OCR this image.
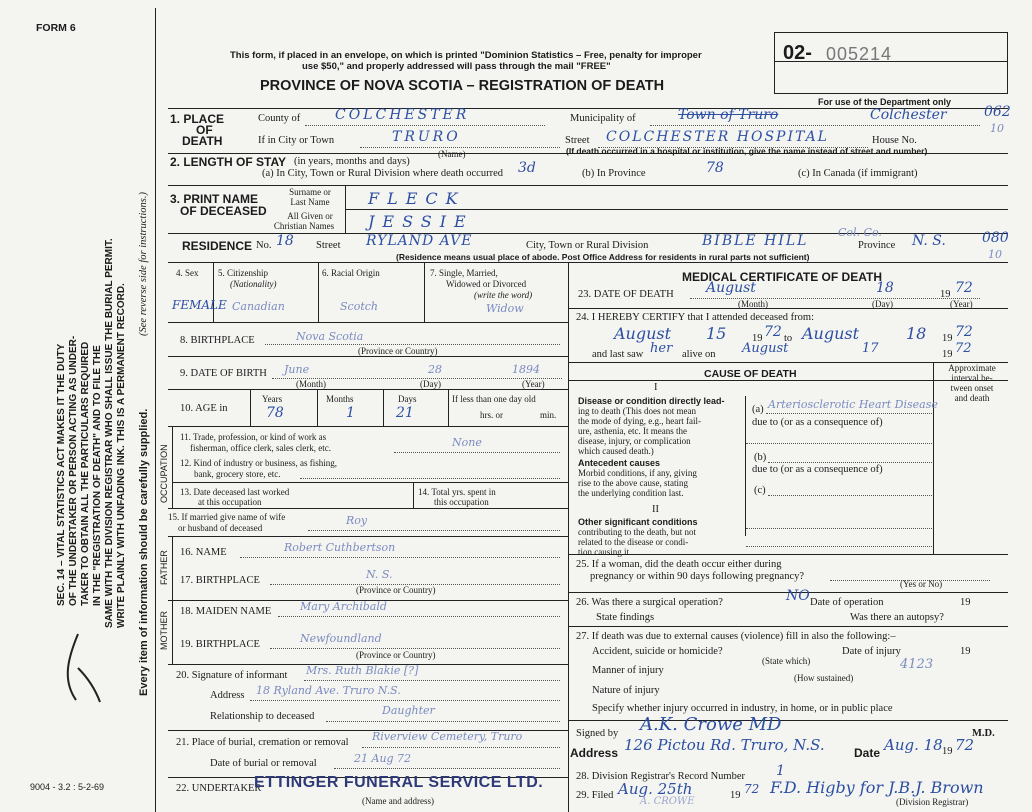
FORM 6
This form, if placed in an envelope, on which is printed "Dominion Statistics – Free, penalty for improper
use $50," and properly addressed will pass through the mail "FREE"
PROVINCE OF NOVA SCOTIA – REGISTRATION OF DEATH
02- 005214
For use of the Department only
062
10
080
10
SEC. 14 – VITAL STATISTICS ACT MAKES IT THE DUTY OF THE UNDERTAKER OR PERSON ACTING AS UNDER- TAKER TO OBTAIN ALL THE PARTICULARS REQUIRED IN THE "REGISTRATION OF DEATH" AND TO FILE THE SAME WITH THE DIVISION REGISTRAR WHO SHALL ISSUE THE BURIAL PERMIT. WRITE PLAINLY WITH UNFADING INK. THIS IS A PERMANENT RECORD. Every item of information should be carefully supplied.
(See reverse side for instructions.)
9004 - 3.2 : 5-2-69
1. PLACE
OF
DEATH
County of COLCHESTER	Municipality of	Town of Truro	Colchester
If in City or Town	TRURO
(Name)
Street COLCHESTER HOSPITAL	House No.
(If death occurred in a hospital or institution, give the name instead of street and number)
2. LENGTH OF STAY (in years, months and days)
(a) In City, Town or Rural Division where death occurred 3d	(b) In Province	78	(c) In Canada (if immigrant)
3. PRINT NAME
OF DECEASED
Surname or
Last Name	FLECK
All Given or
Christian Names	JESSIE
RESIDENCE No. 18 Street RYLAND AVE	City, Town or Rural Division	BIBLE HILL
Col. Co.
Province N. S.
(Residence means usual place of abode. Post Office Address for residents in rural parts not sufficient)
4. Sex
FEMALE
5. Citizenship
(Nationality)
Canadian
6. Racial Origin
Scotch
7. Single, Married,
Widowed or Divorced
(write the word)
Widow
8. BIRTHPLACE	Nova Scotia
(Province or Country)
9. DATE OF BIRTH June	28	1894
(Month)	(Day)	(Year)
10. AGE in
Years
78
Months
1
Days
21
If less than one day old
hrs. or	min.
OCCUPATION
11. Trade, profession, or kind of work as
fisherman, office clerk, sales clerk, etc.	None
12. Kind of industry or business, as fishing,
bank, grocery store, etc.
13. Date deceased last worked
at this occupation
14. Total yrs. spent in
this occupation
15. If married give name of wife
or husband of deceased
Roy
FATHER 16. NAME	Robert Cuthbertson
17. BIRTHPLACE	N. S.
(Province or Country)
MOTHER 18. MAIDEN NAME	Mary Archibald
19. BIRTHPLACE	Newfoundland
(Province or Country)
20. Signature of informant Mrs. Ruth Blakie [?]
Address 18 Ryland Ave. Truro N.S.
Relationship to deceased	Daughter
21. Place of burial, cremation or removal Riverview Cemetery, Truro
Date of burial or removal	21 Aug 72
22. UNDERTAKER
ETTINGER FUNERAL SERVICE LTD.
(Name and address)
MEDICAL CERTIFICATE OF DEATH
23. DATE OF DEATH August	18	19 72
(Month)	(Day)	(Year)
24. I HEREBY CERTIFY that I attended deceased from:
August 15 19 72 to August	18 19 72
and last saw her alive on August	17	19 72
CAUSE OF DEATH	Approximate
interval be-
tween onset
and death
I
Disease or condition directly lead-
ing to death (This does not mean
the mode of dying, e.g., heart fail-
ure, asthenia, etc. It means the
disease, injury, or complication
which caused death.)
(a) Arteriosclerotic Heart Disease
due to (or as a consequence of)
Antecedent causes
Morbid conditions, if any, giving
rise to the above cause, stating
the underlying condition last.
(b)
due to (or as a consequence of)
(c)
II
Other significant conditions
contributing to the death, but not
related to the disease or condi-
tion causing it.
25. If a woman, did the death occur either during
pregnancy or within 90 days following pregnancy?
(Yes or No)
26. Was there a surgical operation?	NO Date of operation	19
State findings	Was there an autopsy?
27. If death was due to external causes (violence) fill in also the following:–
Accident, suicide or homicide?
(State which)
Date of injury	19
Manner of injury	4123
(How sustained)
Nature of injury
Specify whether injury occurred in industry, in home, or in public place
Signed by A.K. Crowe MD	M.D.
Address 126 Pictou Rd. Truro, N.S. Date Aug. 18 19 72
28. Division Registrar's Record Number 1
29. Filed Aug. 25th	19 72 F.D. Higby for J.B.J. Brown
(Division Registrar)
A. CROWE
